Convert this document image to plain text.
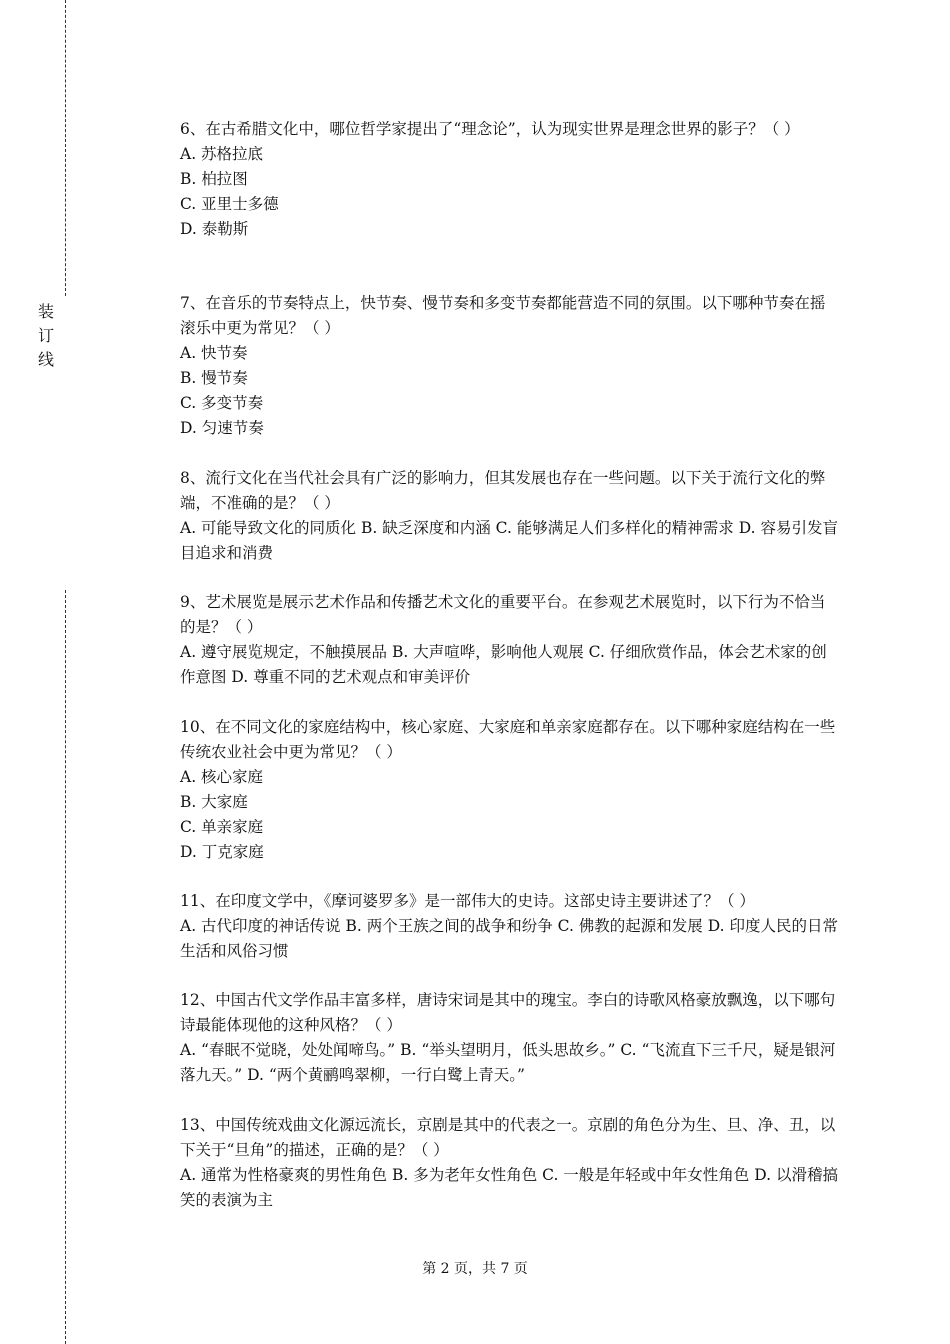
装
订
线

6、在古希腊文化中，哪位哲学家提出了“理念论”，认为现实世界是理念世界的影子？（ ）

A. 苏格拉底

B. 柏拉图

C. 亚里士多德

D. 泰勒斯

7、在音乐的节奏特点上，快节奏、慢节奏和多变节奏都能营造不同的氛围。以下哪种节奏在摇滚乐中更为常见？（ ）

A. 快节奏

B. 慢节奏

C. 多变节奏

D. 匀速节奏

8、流行文化在当代社会具有广泛的影响力，但其发展也存在一些问题。以下关于流行文化的弊端，不准确的是？（ ）

A. 可能导致文化的同质化 B. 缺乏深度和内涵 C. 能够满足人们多样化的精神需求 D. 容易引发盲目追求和消费

9、艺术展览是展示艺术作品和传播艺术文化的重要平台。在参观艺术展览时，以下行为不恰当的是？（ ）

A. 遵守展览规定，不触摸展品 B. 大声喧哗，影响他人观展 C. 仔细欣赏作品，体会艺术家的创作意图 D. 尊重不同的艺术观点和审美评价

10、在不同文化的家庭结构中，核心家庭、大家庭和单亲家庭都存在。以下哪种家庭结构在一些传统农业社会中更为常见？（ ）

A. 核心家庭

B. 大家庭

C. 单亲家庭

D. 丁克家庭

11、在印度文学中，《摩诃婆罗多》是一部伟大的史诗。这部史诗主要讲述了？（ ）

A. 古代印度的神话传说 B. 两个王族之间的战争和纷争 C. 佛教的起源和发展 D. 印度人民的日常生活和风俗习惯

12、中国古代文学作品丰富多样，唐诗宋词是其中的瑰宝。李白的诗歌风格豪放飘逸，以下哪句诗最能体现他的这种风格？（ ）

A. “春眠不觉晓，处处闻啼鸟。” B. “举头望明月，低头思故乡。” C. “飞流直下三千尺，疑是银河落九天。” D. “两个黄鹂鸣翠柳，一行白鹭上青天。”

13、中国传统戏曲文化源远流长，京剧是其中的代表之一。京剧的角色分为生、旦、净、丑，以下关于“旦角”的描述，正确的是？（ ）

A. 通常为性格豪爽的男性角色 B. 多为老年女性角色 C. 一般是年轻或中年女性角色 D. 以滑稽搞笑的表演为主

第 2 页，共 7 页
